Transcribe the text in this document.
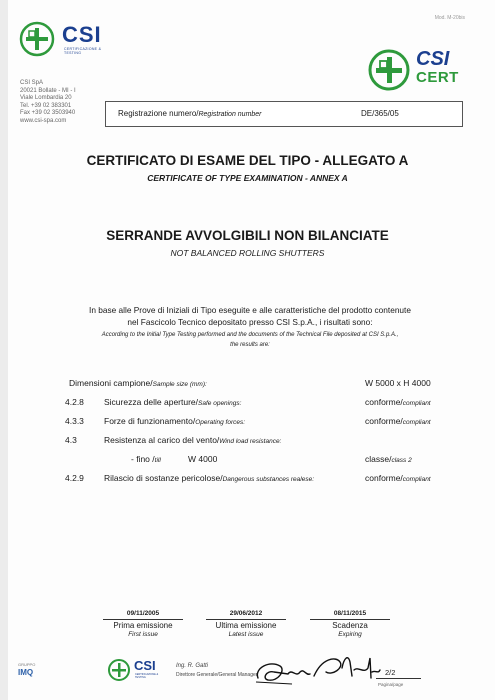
Mod. M-20bis
CSI
CERTIFICAZIONE & TESTING	CSI
CERT
CSI SpA
20021 Bollate - MI - I
Viale Lombardia 20
Tel. +39 02 383301
Fax +39 02 3503940
www.csi-spa.com
Registrazione numero/Registration number	DE/365/05
CERTIFICATO DI ESAME DEL TIPO - ALLEGATO A
CERTIFICATE OF TYPE EXAMINATION - ANNEX A
SERRANDE AVVOLGIBILI NON BILANCIATE
NOT BALANCED ROLLING SHUTTERS
In base alle Prove di Iniziali di Tipo eseguite e alle caratteristiche del prodotto contenute
nel Fascicolo Tecnico depositato presso CSI S.p.A., i risultati sono:
According to the Initial Type Testing performed and the documents of the Technical File deposited at CSI S.p.A.,
the results are:
Dimensioni campione/Sample size (mm):	W 5000 x H 4000
4.2.8 Sicurezza delle aperture/Safe openings:	conforme/compliant
4.3.3 Forze di funzionamento/Operating forces:	conforme/compliant
4.3	Resistenza al carico del vento/Wind load resistance:
- fino /till	W 4000	classe/class 2
4.2.9 Rilascio di sostanze pericolose/Dangerous substances realese:	conforme/compliant
09/11/2005
Prima emissione
First issue
29/06/2012
Ultima emissione
Latest issue
08/11/2015
Scadenza
Expiring
GRUPPO
IMQ	CSI
CERTIFICAZIONE & TESTING
Ing. R. Gatti
Direttore Generale/General Manager	2/2
Pagina/page
